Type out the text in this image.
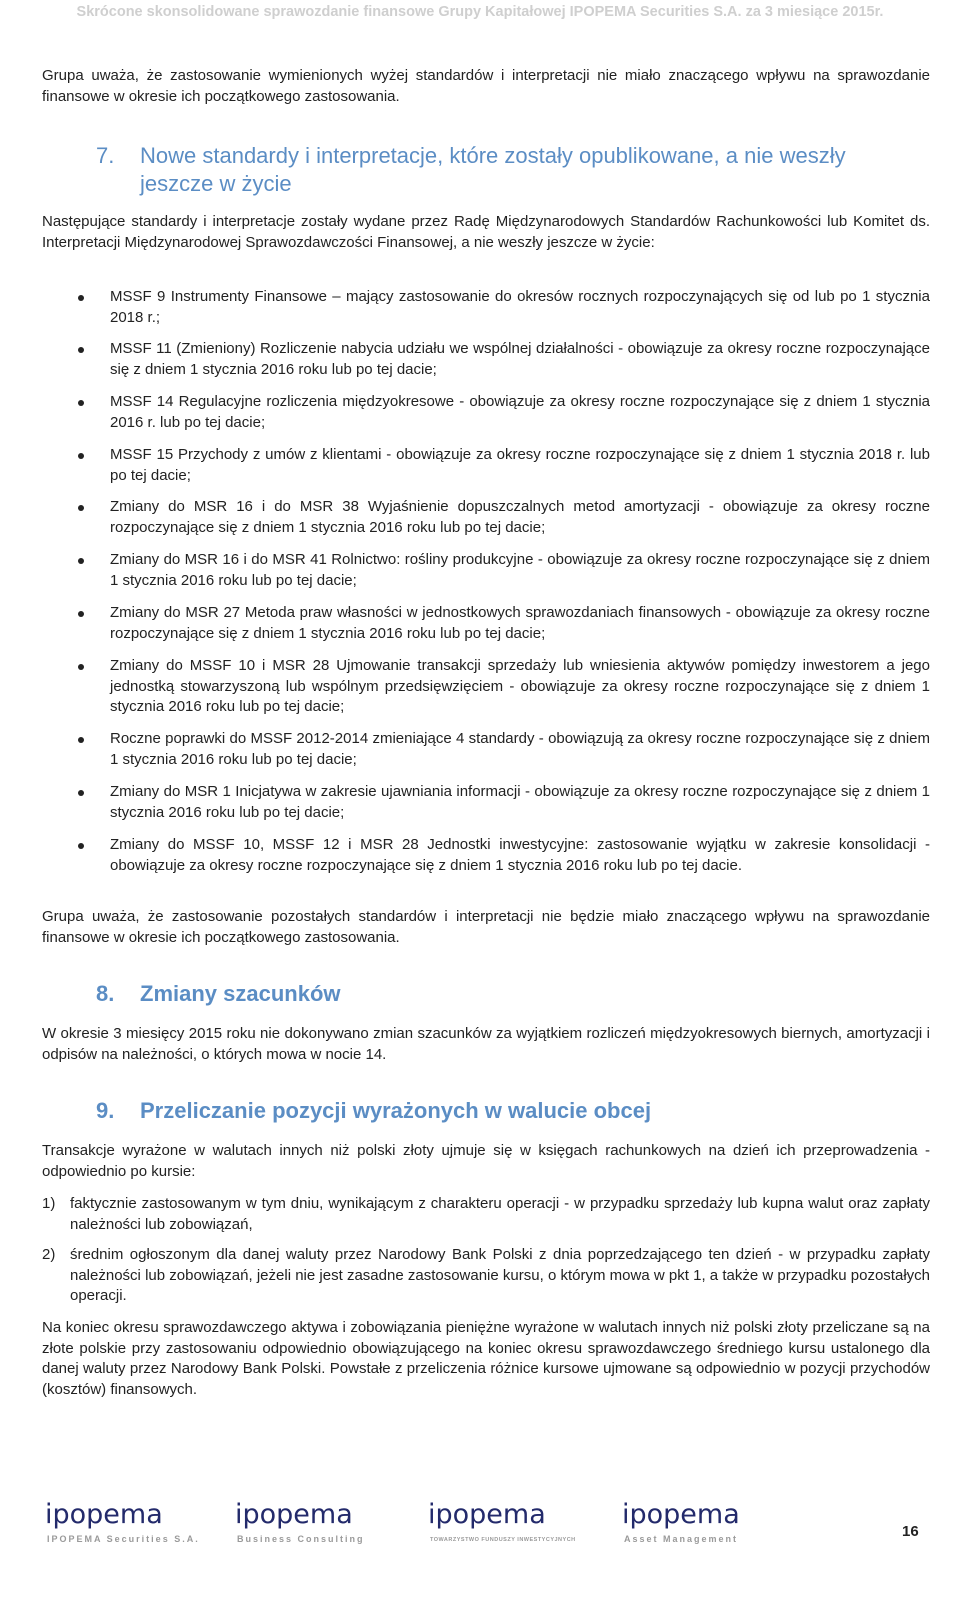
Skrócone skonsolidowane sprawozdanie finansowe Grupy Kapitałowej IPOPEMA Securities S.A. za 3 miesiące 2015r.

Grupa uważa, że zastosowanie wymienionych wyżej standardów i interpretacji nie miało znaczącego wpływu na sprawozdanie finansowe w okresie ich początkowego zastosowania.

7. Nowe standardy i interpretacje, które zostały opublikowane, a nie weszły jeszcze w życie

Następujące standardy i interpretacje zostały wydane przez Radę Międzynarodowych Standardów Rachunkowości lub Komitet ds. Interpretacji Międzynarodowej Sprawozdawczości Finansowej, a nie weszły jeszcze w życie:

MSSF 9 Instrumenty Finansowe – mający zastosowanie do okresów rocznych rozpoczynających się od lub po 1 stycznia 2018 r.;
MSSF 11 (Zmieniony) Rozliczenie nabycia udziału we wspólnej działalności - obowiązuje za okresy roczne rozpoczynające się z dniem 1 stycznia 2016 roku lub po tej dacie;
MSSF 14 Regulacyjne rozliczenia międzyokresowe - obowiązuje za okresy roczne rozpoczynające się z dniem 1 stycznia 2016 r. lub po tej dacie;
MSSF 15 Przychody z umów z klientami - obowiązuje za okresy roczne rozpoczynające się z dniem 1 stycznia 2018 r. lub po tej dacie;
Zmiany do MSR 16 i do MSR 38 Wyjaśnienie dopuszczalnych metod amortyzacji - obowiązuje za okresy roczne rozpoczynające się z dniem 1 stycznia 2016 roku lub po tej dacie;
Zmiany do MSR 16 i do MSR 41 Rolnictwo: rośliny produkcyjne - obowiązuje za okresy roczne rozpoczynające się z dniem 1 stycznia 2016 roku lub po tej dacie;
Zmiany do MSR 27 Metoda praw własności w jednostkowych sprawozdaniach finansowych - obowiązuje za okresy roczne rozpoczynające się z dniem 1 stycznia 2016 roku lub po tej dacie;
Zmiany do MSSF 10 i MSR 28 Ujmowanie transakcji sprzedaży lub wniesienia aktywów pomiędzy inwestorem a jego jednostką stowarzyszoną lub wspólnym przedsięwzięciem - obowiązuje za okresy roczne rozpoczynające się z dniem 1 stycznia 2016 roku lub po tej dacie;
Roczne poprawki do MSSF 2012-2014 zmieniające 4 standardy - obowiązują za okresy roczne rozpoczynające się z dniem 1 stycznia 2016 roku lub po tej dacie;
Zmiany do MSR 1 Inicjatywa w zakresie ujawniania informacji - obowiązuje za okresy roczne rozpoczynające się z dniem 1 stycznia 2016 roku lub po tej dacie;
Zmiany do MSSF 10, MSSF 12 i MSR 28 Jednostki inwestycyjne: zastosowanie wyjątku w zakresie konsolidacji - obowiązuje za okresy roczne rozpoczynające się z dniem 1 stycznia 2016 roku lub po tej dacie.

Grupa uważa, że zastosowanie pozostałych standardów i interpretacji nie będzie miało znaczącego wpływu na sprawozdanie finansowe w okresie ich początkowego zastosowania.

8. Zmiany szacunków

W okresie 3 miesięcy 2015 roku nie dokonywano zmian szacunków za wyjątkiem rozliczeń międzyokresowych biernych, amortyzacji i odpisów na należności, o których mowa w nocie 14.

9. Przeliczanie pozycji wyrażonych w walucie obcej

Transakcje wyrażone w walutach innych niż polski złoty ujmuje się w księgach rachunkowych na dzień ich przeprowadzenia - odpowiednio po kursie:

1) faktycznie zastosowanym w tym dniu, wynikającym z charakteru operacji - w przypadku sprzedaży lub kupna walut oraz zapłaty należności lub zobowiązań,
2) średnim ogłoszonym dla danej waluty przez Narodowy Bank Polski z dnia poprzedzającego ten dzień - w przypadku zapłaty należności lub zobowiązań, jeżeli nie jest zasadne zastosowanie kursu, o którym mowa w pkt 1, a także w przypadku pozostałych operacji.

Na koniec okresu sprawozdawczego aktywa i zobowiązania pieniężne wyrażone w walutach innych niż polski złoty przeliczane są na złote polskie przy zastosowaniu odpowiednio obowiązującego na koniec okresu sprawozdawczego średniego kursu ustalonego dla danej waluty przez Narodowy Bank Polski. Powstałe z przeliczenia różnice kursowe ujmowane są odpowiednio w pozycji przychodów (kosztów) finansowych.

ipopema
IPOPEMA Securities S.A.
ipopema
Business Consulting
ipopema
TOWARZYSTWO FUNDUSZY INWESTYCYJNYCH
ipopema
Asset Management	16
